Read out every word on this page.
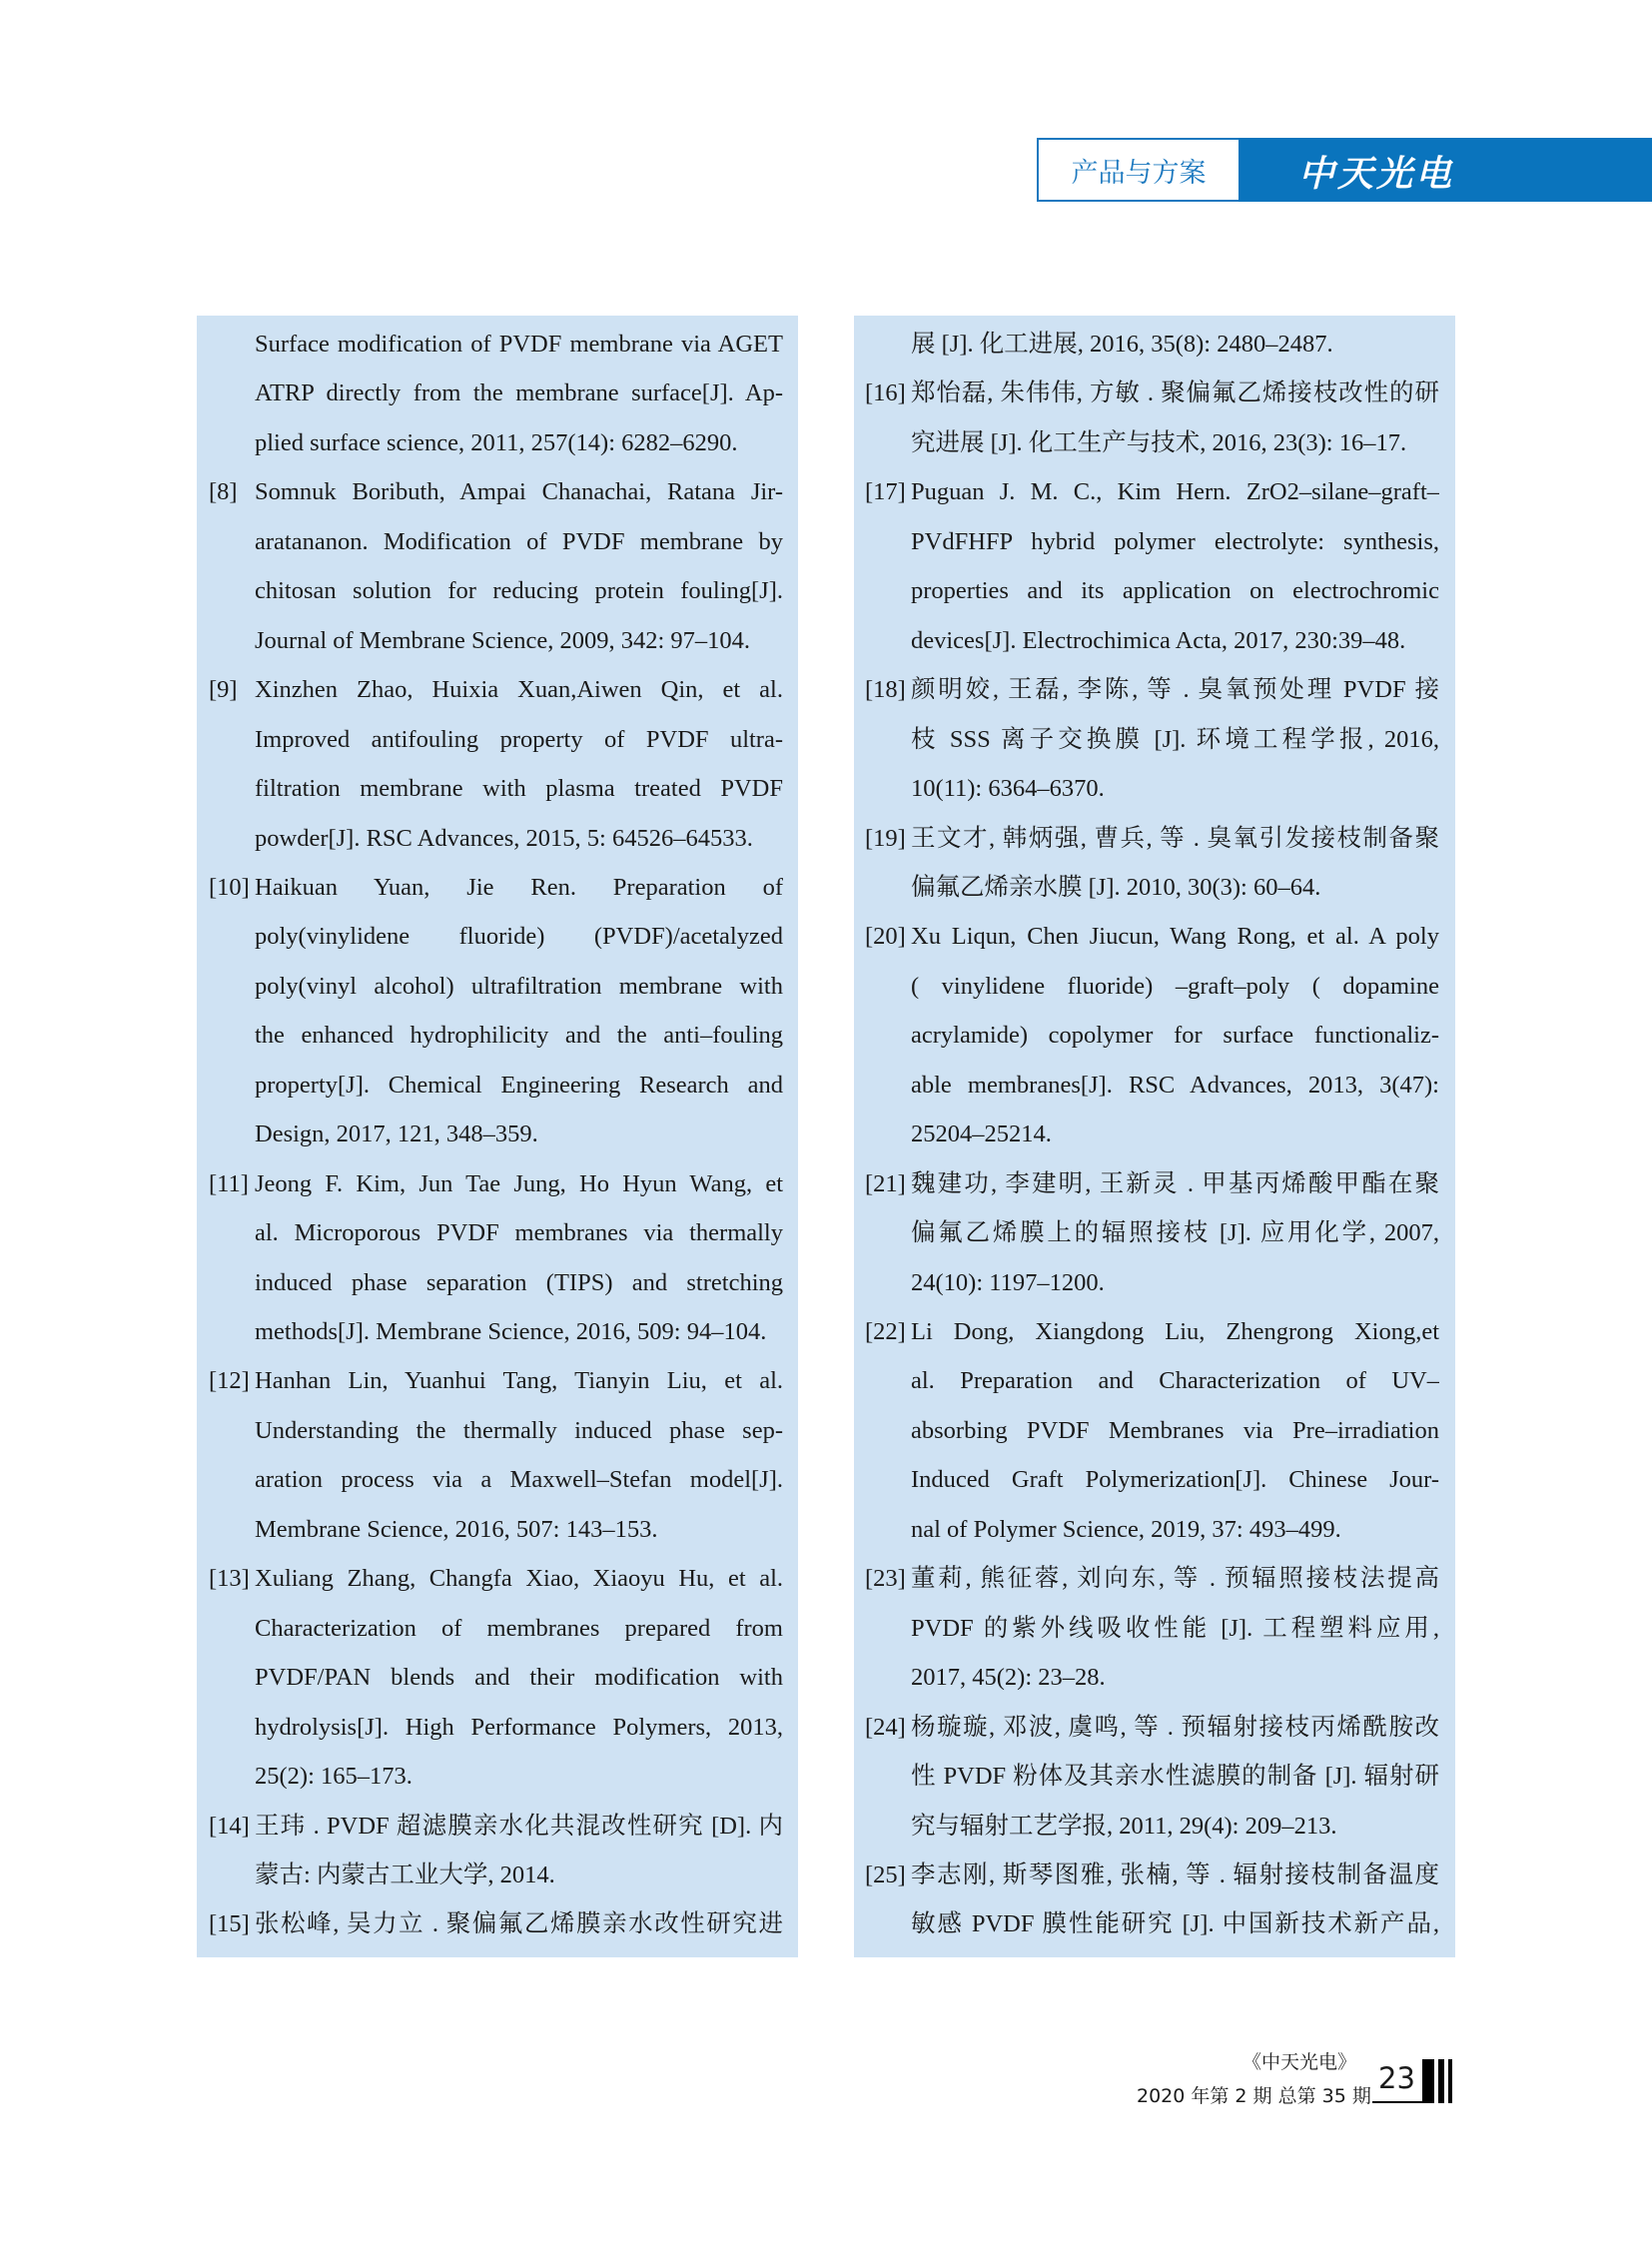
产品与方案	中天光电
Surface modification of PVDF membrane via AGET
ATRP directly from the membrane surface[J]. Ap-
plied surface science, 2011, 257(14): 6282–6290.
[8] Somnuk Boributh, Ampai Chanachai, Ratana Jir-
aratananon. Modification of PVDF membrane by
chitosan solution for reducing protein fouling[J].
Journal of Membrane Science, 2009, 342: 97–104.
[9] Xinzhen Zhao, Huixia Xuan,Aiwen Qin, et al.
Improved antifouling property of PVDF ultra-
filtration membrane with plasma treated PVDF
powder[J]. RSC Advances, 2015, 5: 64526–64533.
[10] Haikuan Yuan, Jie Ren. Preparation of
poly(vinylidene fluoride) (PVDF)/acetalyzed
poly(vinyl alcohol) ultrafiltration membrane with
the enhanced hydrophilicity and the anti–fouling
property[J]. Chemical Engineering Research and
Design, 2017, 121, 348–359.
[11] Jeong F. Kim, Jun Tae Jung, Ho Hyun Wang, et
al. Microporous PVDF membranes via thermally
induced phase separation (TIPS) and stretching
methods[J]. Membrane Science, 2016, 509: 94–104.
[12] Hanhan Lin, Yuanhui Tang, Tianyin Liu, et al.
Understanding the thermally induced phase sep-
aration process via a Maxwell–Stefan model[J].
Membrane Science, 2016, 507: 143–153.
[13] Xuliang Zhang, Changfa Xiao, Xiaoyu Hu, et al.
Characterization of membranes prepared from
PVDF/PAN blends and their modification with
hydrolysis[J]. High Performance Polymers, 2013,
25(2): 165–173.
[14] 王玮 . PVDF 超滤膜亲水化共混改性研究 [D]. 内
蒙古: 内蒙古工业大学, 2014.
[15] 张松峰, 吴力立 . 聚偏氟乙烯膜亲水改性研究进
展 [J]. 化工进展, 2016, 35(8): 2480–2487.
[16] 郑怡磊, 朱伟伟, 方敏 . 聚偏氟乙烯接枝改性的研
究进展 [J]. 化工生产与技术, 2016, 23(3): 16–17.
[17] Puguan J. M. C., Kim Hern. ZrO2–silane–graft–
PVdFHFP hybrid polymer electrolyte: synthesis,
properties and its application on electrochromic
devices[J]. Electrochimica Acta, 2017, 230:39–48.
[18] 颜明姣, 王磊, 李陈, 等 . 臭氧预处理 PVDF 接
枝 SSS 离子交换膜 [J]. 环境工程学报, 2016,
10(11): 6364–6370.
[19] 王文才, 韩炳强, 曹兵, 等 . 臭氧引发接枝制备聚
偏氟乙烯亲水膜 [J]. 2010, 30(3): 60–64.
[20] Xu Liqun, Chen Jiucun, Wang Rong, et al. A poly
( vinylidene fluoride) –graft–poly ( dopamine
acrylamide) copolymer for surface functionaliz-
able membranes[J]. RSC Advances, 2013, 3(47):
25204–25214.
[21] 魏建功, 李建明, 王新灵 . 甲基丙烯酸甲酯在聚
偏氟乙烯膜上的辐照接枝 [J]. 应用化学, 2007,
24(10): 1197–1200.
[22] Li Dong, Xiangdong Liu, Zhengrong Xiong,et
al. Preparation and Characterization of UV–
absorbing PVDF Membranes via Pre–irradiation
Induced Graft Polymerization[J]. Chinese Jour-
nal of Polymer Science, 2019, 37: 493–499.
[23] 董莉, 熊征蓉, 刘向东, 等 . 预辐照接枝法提高
PVDF 的紫外线吸收性能 [J]. 工程塑料应用,
2017, 45(2): 23–28.
[24] 杨璇璇, 邓波, 虞鸣, 等 . 预辐射接枝丙烯酰胺改
性 PVDF 粉体及其亲水性滤膜的制备 [J]. 辐射研
究与辐射工艺学报, 2011, 29(4): 209–213.
[25] 李志刚, 斯琴图雅, 张楠, 等 . 辐射接枝制备温度
敏感 PVDF 膜性能研究 [J]. 中国新技术新产品,
《中天光电》
2020 年第 2 期 总第 35 期
23
